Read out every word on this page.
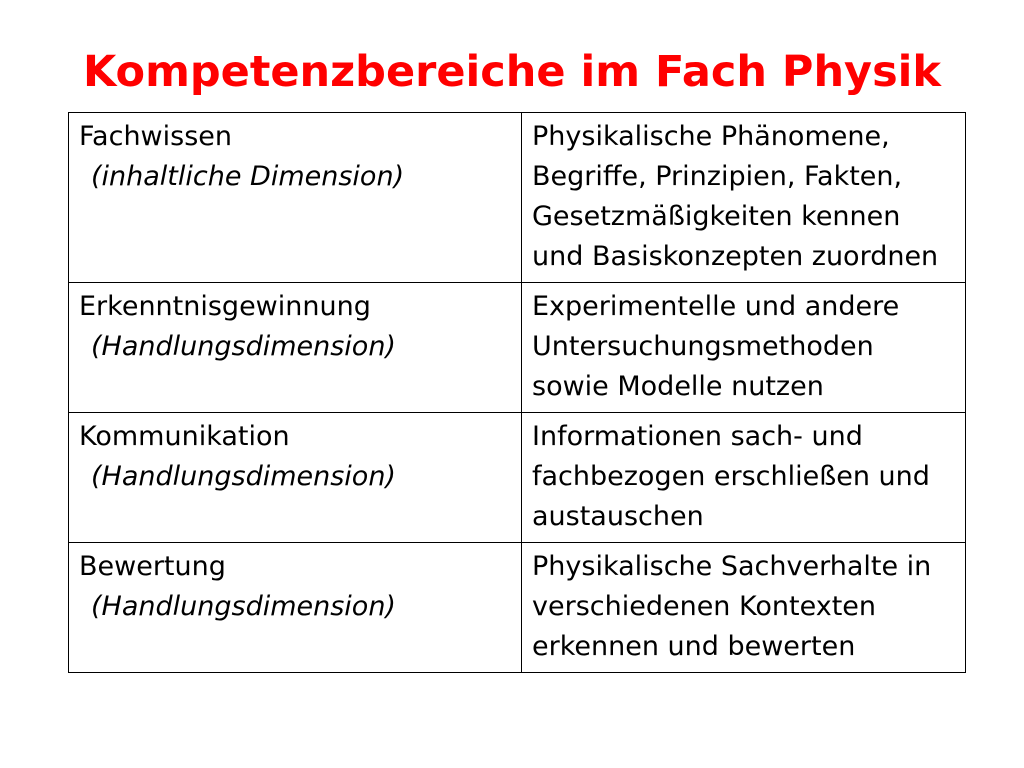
Kompetenzbereiche im Fach Physik
Fachwissen
(inhaltliche Dimension)	Physikalische Phänomene, Begriffe, Prinzipien, Fakten, Gesetzmäßigkeiten kennen und Basiskonzepten zuordnen

Erkenntnisgewinnung
(Handlungsdimension)	Experimentelle und andere Untersuchungsmethoden sowie Modelle nutzen

Kommunikation
(Handlungsdimension)	Informationen sach- und fachbezogen erschließen und austauschen

Bewertung
(Handlungsdimension)	Physikalische Sachverhalte in verschiedenen Kontexten erkennen und bewerten
